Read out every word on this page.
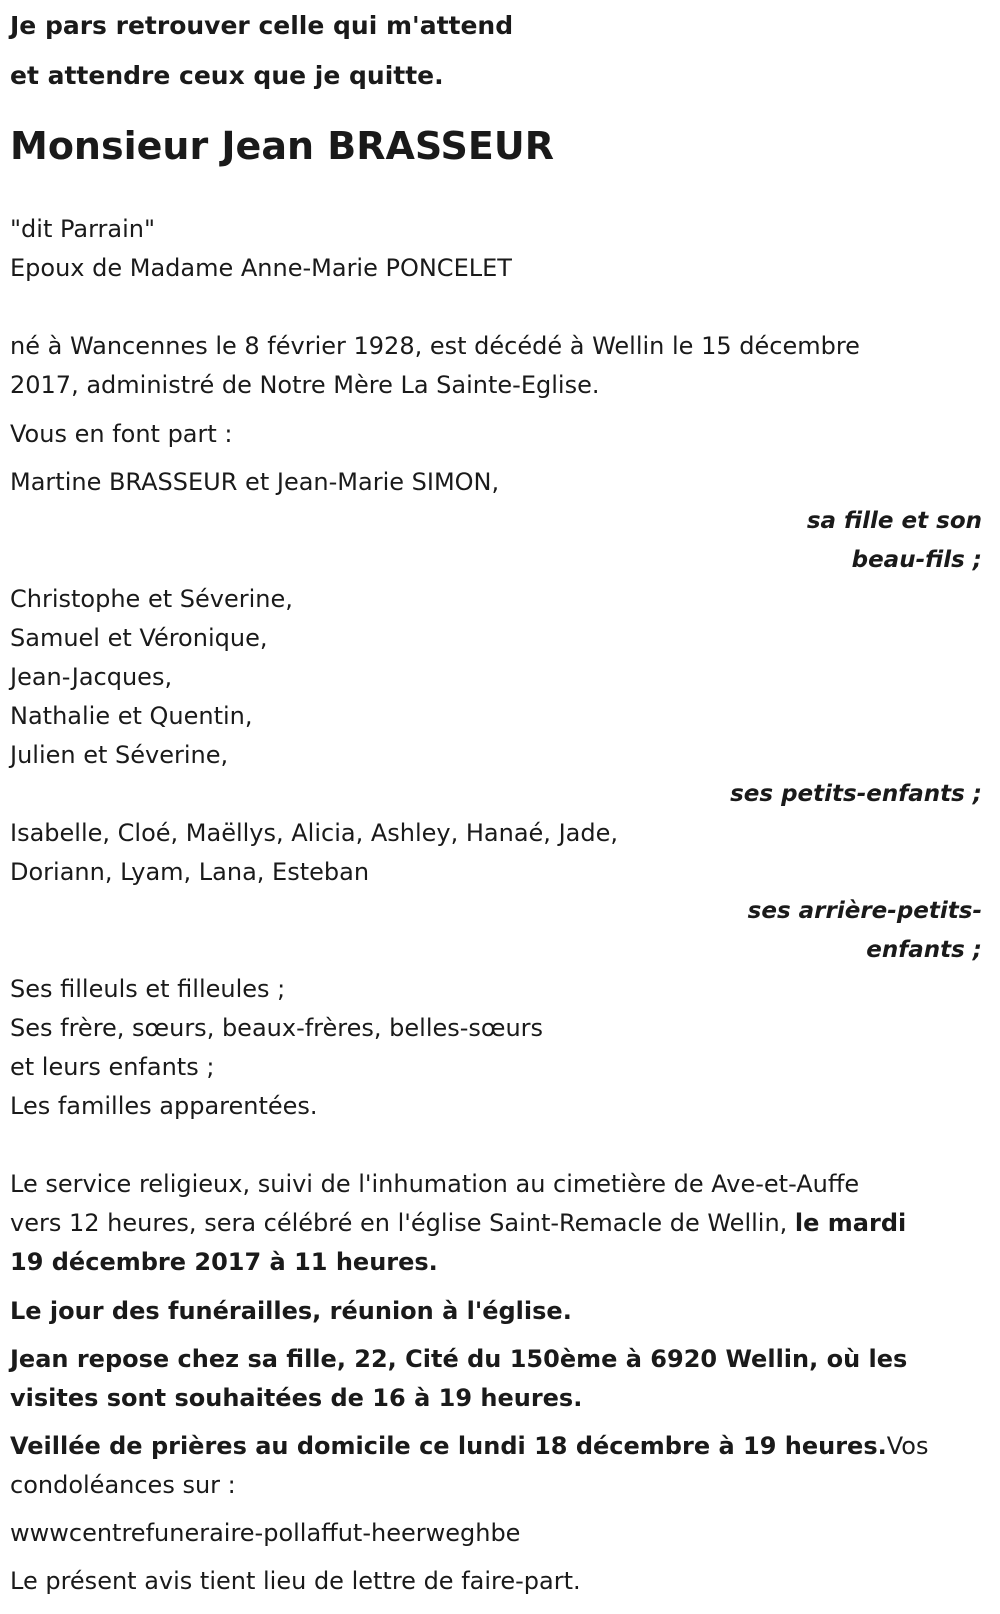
Je pars retrouver celle qui m'attend

et attendre ceux que je quitte.

Monsieur Jean BRASSEUR

"dit Parrain"

Epoux de Madame Anne-Marie PONCELET

né à Wancennes le 8 février 1928, est décédé à Wellin le 15 décembre

2017, administré de Notre Mère La Sainte-Eglise.

Vous en font part :

Martine BRASSEUR et Jean-Marie SIMON,

sa fille et son

beau-fils ;

Christophe et Séverine,

Samuel et Véronique,

Jean-Jacques,

Nathalie et Quentin,

Julien et Séverine,

ses petits-enfants ;

Isabelle, Cloé, Maëllys, Alicia, Ashley, Hanaé, Jade,

Doriann, Lyam, Lana, Esteban

ses arrière-petits-

enfants ;

Ses filleuls et filleules ;

Ses frère, sœurs, beaux-frères, belles-sœurs

et leurs enfants ;

Les familles apparentées.

Le service religieux, suivi de l'inhumation au cimetière de Ave-et-Auffe

vers 12 heures, sera célébré en l'église Saint-Remacle de Wellin, le mardi

19 décembre 2017 à 11 heures.

Le jour des funérailles, réunion à l'église.

Jean repose chez sa fille, 22, Cité du 150ème à 6920 Wellin, où les

visites sont souhaitées de 16 à 19 heures.

Veillée de prières au domicile ce lundi 18 décembre à 19 heures.Vos

condoléances sur :

wwwcentrefuneraire-pollaffut-heerweghbe

Le présent avis tient lieu de lettre de faire-part.
